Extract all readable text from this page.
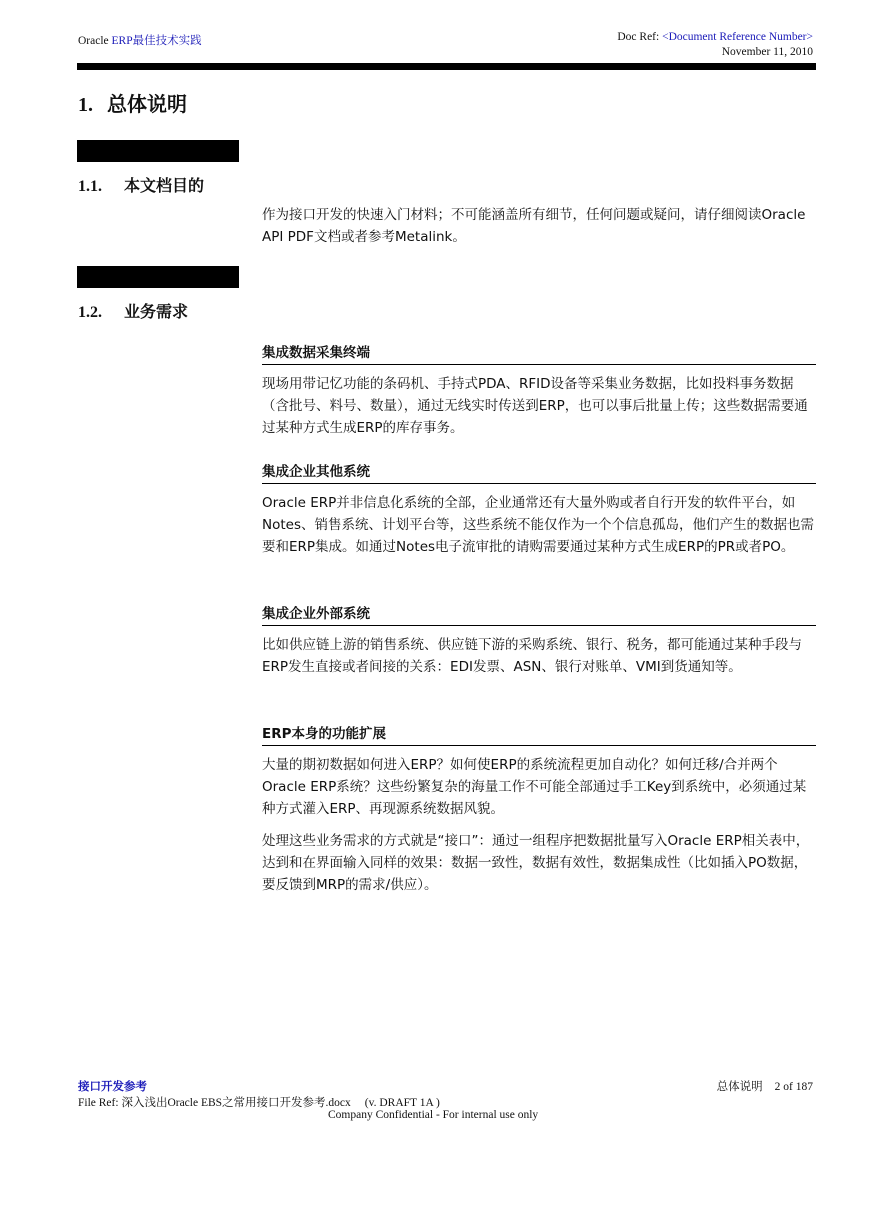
Oracle ERP最佳技术实践	Doc Ref: <Document Reference Number>
November 11, 2010
1. 总体说明
1.1. 本文档目的
作为接口开发的快速入门材料；不可能涵盖所有细节，任何问题或疑问，请仔细阅读Oracle API PDF文档或者参考Metalink。
1.2. 业务需求
集成数据采集终端
现场用带记忆功能的条码机、手持式PDA、RFID设备等采集业务数据，比如投料事务数据（含批号、料号、数量），通过无线实时传送到ERP，也可以事后批量上传；这些数据需要通过某种方式生成ERP的库存事务。
集成企业其他系统
Oracle ERP并非信息化系统的全部，企业通常还有大量外购或者自行开发的软件平台，如Notes、销售系统、计划平台等，这些系统不能仅作为一个个信息孤岛，他们产生的数据也需要和ERP集成。如通过Notes电子流审批的请购需要通过某种方式生成ERP的PR或者PO。
集成企业外部系统
比如供应链上游的销售系统、供应链下游的采购系统、银行、税务，都可能通过某种手段与ERP发生直接或者间接的关系：EDI发票、ASN、银行对账单、VMI到货通知等。
ERP本身的功能扩展
大量的期初数据如何进入ERP？如何使ERP的系统流程更加自动化？如何迁移/合并两个Oracle ERP系统？这些纷繁复杂的海量工作不可能全部通过手工Key到系统中，必须通过某种方式灌入ERP、再现源系统数据风貌。
处理这些业务需求的方式就是“接口”：通过一组程序把数据批量写入Oracle ERP相关表中，达到和在界面输入同样的效果：数据一致性，数据有效性，数据集成性（比如插入PO数据，要反馈到MRP的需求/供应）。
接口开发参考	总体说明 2 of 187
File Ref: 深入浅出Oracle EBS之常用接口开发参考.docx (v. DRAFT 1A )
Company Confidential - For internal use only
